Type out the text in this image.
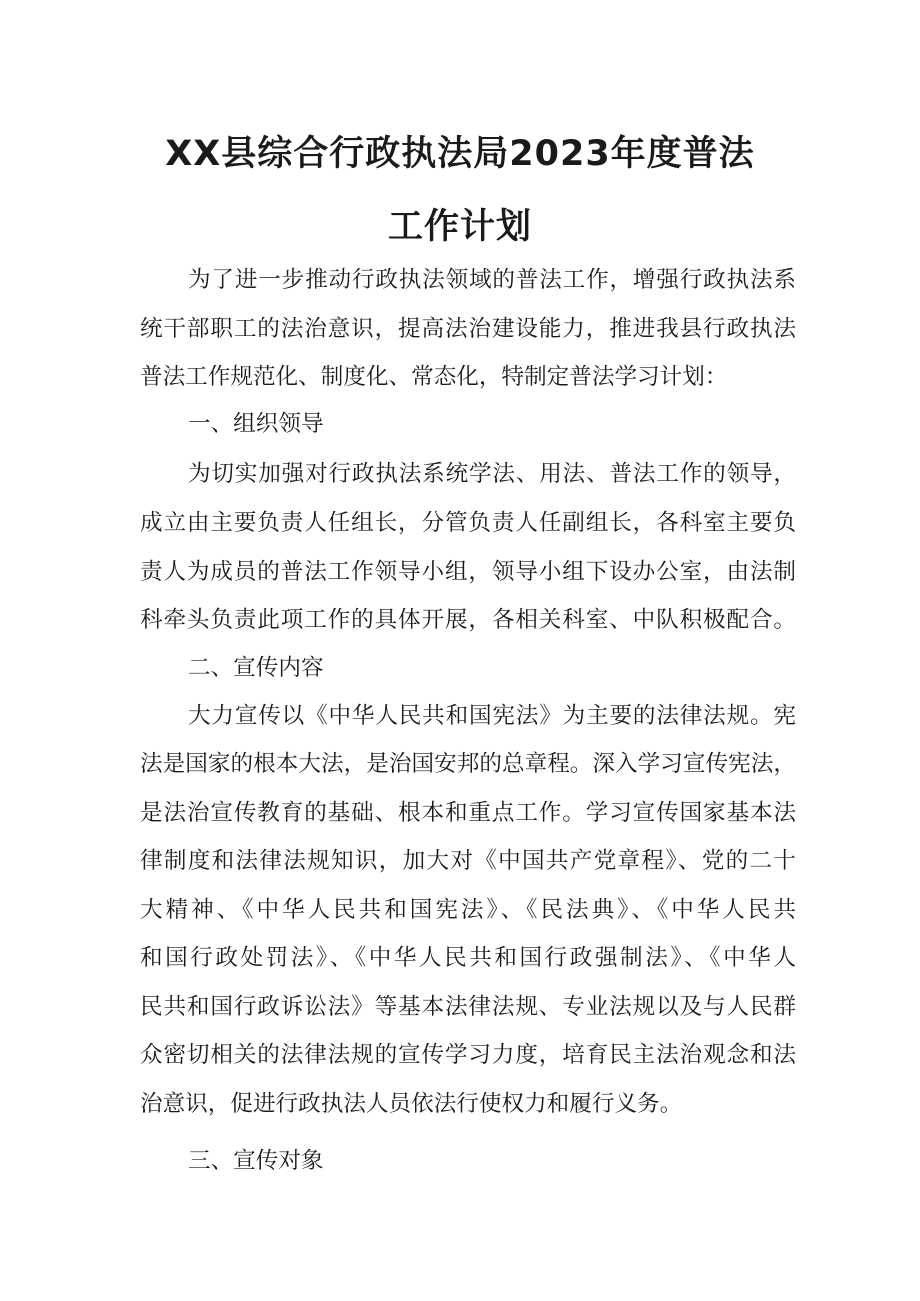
XX县综合行政执法局2023年度普法
工作计划
为了进一步推动行政执法领域的普法工作，增强行政执法系
统干部职工的法治意识，提高法治建设能力，推进我县行政执法
普法工作规范化、制度化、常态化，特制定普法学习计划：
一、组织领导
为切实加强对行政执法系统学法、用法、普法工作的领导，
成立由主要负责人任组长，分管负责人任副组长，各科室主要负
责人为成员的普法工作领导小组，领导小组下设办公室，由法制
科牵头负责此项工作的具体开展，各相关科室、中队积极配合。
二、宣传内容
大力宣传以《中华人民共和国宪法》为主要的法律法规。宪
法是国家的根本大法，是治国安邦的总章程。深入学习宣传宪法，
是法治宣传教育的基础、根本和重点工作。学习宣传国家基本法
律制度和法律法规知识，加大对《中国共产党章程》、党的二十
大精神、《中华人民共和国宪法》、《民法典》、《中华人民共
和国行政处罚法》、《中华人民共和国行政强制法》、《中华人
民共和国行政诉讼法》等基本法律法规、专业法规以及与人民群
众密切相关的法律法规的宣传学习力度，培育民主法治观念和法
治意识，促进行政执法人员依法行使权力和履行义务。
三、宣传对象
